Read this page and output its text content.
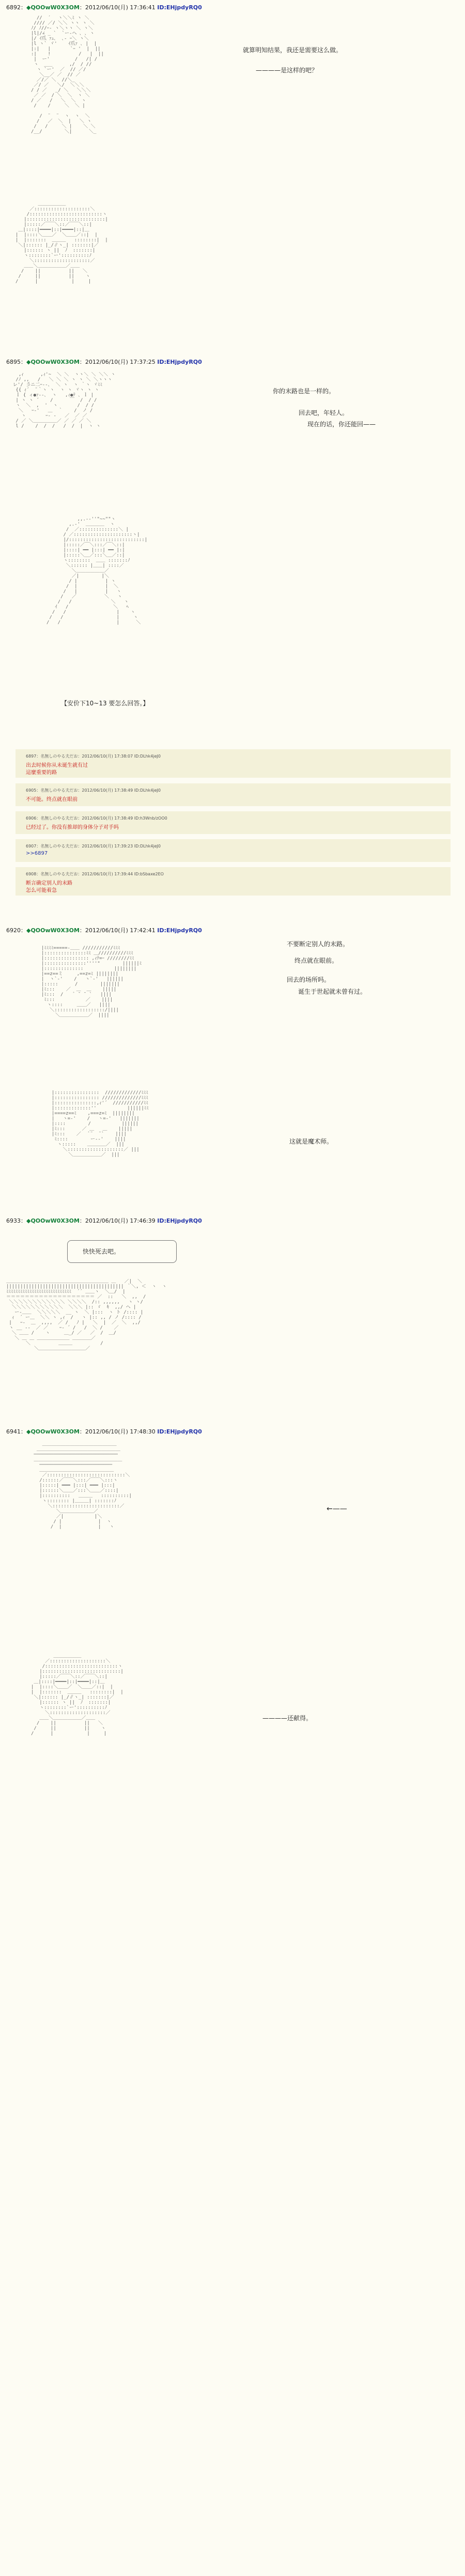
6892：◆QOOwW0X3OM：2012/06/10(月) 17:36:41 ID:EHjpdyRQ0
//  ´ ￣ヽ＼＼ﾐ ヽ ＼
//// ／/ ＼＼ ヽヽ ヽ ＼
ﾉ/ ﾉ//ｰ- ヽ＼ヽヽ ＼ ヽ＼
|l|/∠ _ `  `ー-ヘ ､ ､ ヽ
|/ ｲ爪 ｧｭ､  ､- ｰ＼ ヽ＼
|l ヽ` ヾ'    ｲ爪ｧ ､ |  |
|:|   |       `ｰ '  |  ||
:|    !          /   |  ||
|  ー'         /   /| /
ヽ  ___      ,/  / //
ヽ `ー'  ／  // ／/
＼__／ ／  // ／
／/／ ＼  //＼_
／/ ／   ＼/  ＼＼＼
/ / ／   _/ ＼   ＼＼＼
／ ／  / ＼  ＼  ヽ ＼
/ ／   /   ＼  ＼  ヽ
/    /     ＼  ＼ |

/  ¨  ¨  ヽ  ヽ  ＼
/   ／  ＼  |   ＼ ヽ
/   /     ＼ |    ＼ ＼
/__/        ＼|      ＼_
就算明知结果，我还是需要这么做。
————是这样的吧？
＿＿＿＿＿＿
／::::::::::::::::::::＼
/::::::::::::::::::::::::::ヽ
|::::::::::::::::::::::::::::|
|:::::／￣￣＼::／￣￣＼::|
＿|::::|━━━━|::|━━━━|::|＿
|  |::::＼＿＿／  ＼＿＿／::|  |
|  |:::::::  ＿＿＿   ::::::::|  |
＼|:::::: |_/∥ヽ_| :::::::|／
|:::::: ヽ ||  ﾉ  :::::::|
ヽ::::::::`ー'::::::::::ﾉ
＼::::::::::::::::::::／
＿＿＼＿＿＿＿＿＿／＿＿
/    ||          ||   ＼
/     ||          ||    ヽ
/      |            |     |
6895：◆QOOwW0X3OM：2012/06/10(月) 17:37:25 ID:EHjpdyRQ0
,ｨ      ,ｨ'~  ＼ ＼  ヽヽ＼ ＼ ＼＼ ヽ
/ﾉ ,,   /   ＼ ＼ ＼ ヽ ヽ ＼ ＼ヽヽヽ
レ'/ 彡ニ二ｰ--､  ＼ ヽ  ヽ ｀ヽ ヾﾐﾐ
{{ ｨ´  ̄ ｀ヽ ヽ  ヽ ヽ ヾヽ ヽ ヽ
ｌ { ィ●ｧ‐-､  ヽ   ,ｨ●ﾃ ､ ｌ |
| ヽ ヽ ´    /      ￣  /  / /
ヽ  ＼  ,  '  ヽ       /  / /
＼   ｰ-'   ＿  ｀    /  ノ /
ヽ       ｰ- ‐   ／  ／ ／
/ ／ ＼＿＿＿＿＿／ ／ ／ ／ ＼
l /    /  /  /   /  /  |  ヽ ヽ
你的末路也是一样的。
回去吧，年轻人。
现在的话，你还能回——
,,.-‐''"~~""ヽ
,.-'  ＿＿＿＿  ヽ
/  ／::::::::::::::＼ |
/ ／:::::::::::::::::::::ヽ|
|/:::::::::::::::::::::::::::|
|:::::／￣＼:::／￣＼::|
|::::| ━━ |:::| ━━ |:|
|:::::＼＿／:::＼＿／::|
ヽ::::::::  ＿＿ :::::::ﾉ
＼:::::: |＿＿| ::::／
＼＿＿＿＿＿＿／
／|        |＼
/ |          | ヽ
/  |          |  ＼
/   |          |   ヽ
/   ／          ＼   ヽ
/   /              ＼   ヽ
ｲ   /                ＼   ﾍ
/   /                  |    ヽ
/   /                   |     ヽ
/   /                    |      ＼
【安价下10~13 要怎么回答。】
6897：名無しのやる夫だお：2012/06/10(月) 17:38:07 ID:DLhk4jeJ0
出去时候你从未诞生就有过
這麼重要的路
6905：名無しのやる夫だお：2012/06/10(月) 17:38:49 ID:DLhk4jeJ0
不可能。终点就在眼前
6906：名無しのやる夫だお：2012/06/10(月) 17:38:49 ID:h3Wnb/zOO0
已经过了。你没有推却的身体分子对手吗
6907：名無しのやる夫だお：2012/06/10(月) 17:39:23 ID:DLhk4jeJ0
>>6897
6908：名無しのやる夫だお：2012/06/10(月) 17:39:44 ID:bSbaxe2EO
断言确定别人的末路
怎么可能着急
6920：◆QOOwW0X3OM：2012/06/10(月) 17:42:41 ID:EHjpdyRQ0
|ﾐﾐﾐﾐ=====-＿＿ ///////////ﾐﾐﾐ
|:::::::::::::::ﾐﾐ ＿//////////ﾐﾐﾐ
|:::::::::::::::: ,ｨﾃ=ｰ ////////ﾐﾐ
|:::::::::::::::''''"        ||||||ﾐ
|::::::::::::::           ||||||||
|==z==ミ     ,==z=ﾐ ||||||||
|  ヽ`-'    /   ヽ`-'   ||||||
|:::::      /        |||||||
|ﾐ:::    ／  ＿  ＿    |||||
|ﾐ:::  /    ﾞ ¯ ¯ `   ||||
ﾐ:::           ／    ||||
ヽ::::     ＿＿／   ||||
＼::::::::::::::::::/||||
＼＿＿＿＿＿＿／  ||||
不要断定别人的末路。
终点就在眼前。
回去的场所吗。
诞生于世起就未曾有过。
|::::::::::::::::  /////////////ﾐﾐﾐ
|:::::::::::::::: //////////////ﾐﾐﾐ
|:::::::::::::::,ｨ'´  ///////////ﾐﾐ
|:::::::::::::''           ||||||ﾐﾐ
|====z==ﾐ    ,===z=ﾐ  ||||||||
|   ヽ=-'    /   ヽ=-'   |||||||
|::::        /           ||||||
|ﾐ:::      ／ ＿   ＿    |||||
|ﾐ:::    ／   ﾞ¨  ¨`    ||||
ﾐ::::        ー‐‐'    ||||
ヽ:::::    ＿＿＿＿／  |||
＼::::::::::::::::::::／ |||
＼＿＿＿＿＿＿／  |||
这就是魔术师。
6933：◆QOOwW0X3OM：2012/06/10(月) 17:46:39 ID:EHjpdyRQ0
快快死去吧。
＿＿＿＿＿＿＿＿＿＿＿＿＿＿＿＿＿＿＿＿＿＿ ＿   ／|  ＼
|||||||||||||||||||||||||||||||||||||||||| ｀＼, ＜  ヽ  ヽ
ﾐﾐﾐﾐﾐﾐﾐﾐﾐﾐﾐﾐﾐﾐﾐﾐﾐﾐﾐﾐﾐﾐﾐﾐﾐﾐﾐﾐ  ´´ ＿＿ヽ  ＼＿/  |
＝＝＝＝＝＝＝＝＝＝＝＝＝＝＝＝＝＝＝ ／  ::   ＼  ,,  /
＼＼＼＼＼＼＼＼＼＼＼＼ ＼＼＼＼  /:: ,,,,,,   ヽ ヽ/
＼＼＼＼＼＼＼＼＼＼＼  ＼＼＼ |:: ゞ  ｷ  ,,/ ヘ |
ー-＿＿  ＼＼＼＼＼  __ ヽ  ＼ |:::  ヽ ト /:::: |
ｨ  ´ ー＿  ＼＼ ヽ ,ｨ  /   ヽ |:: ,, / ノ /:::: /
|   ｰ-  ＿  ,,,,  ／ /   ﾉ |   ＼  |  ／  ＼  ,,/
ヽ __ --  ／ ／    ｰ‐ ´ /   /  ＼ /    ／
＼ ＿＿ /    ヽ     ＿_/ ／   ／  /  ＿/
＼ ＿ ＿ ＿＿＿＿＿＿＿ ＿＿＿＿／
＼          ＿＿＿          /
＼＿＿＿＿＿＿＿＿＿＿／
6941：◆QOOwW0X3OM：2012/06/10(月) 17:48:30 ID:EHjpdyRQ0
＿＿＿＿＿＿＿＿＿＿＿＿＿＿＿＿
＿＿＿＿＿＿＿＿＿＿＿＿＿＿＿＿＿＿
──────────────────────────────
＿＿＿＿＿＿＿＿＿＿＿＿＿＿＿＿＿＿＿
──────────────────────────
＿＿＿＿＿＿＿＿＿＿＿＿＿＿＿＿
／::::::::::::::::::::::::::::＼
/::::::／￣￣＼:::／￣￣＼:::ヽ
|:::::| ━━━ |:::| ━━━ |:::|
|::::::＼＿＿／:::＼＿＿／::::|
|::::::::::   ＿＿＿   ::::::::::|
ヽ:::::::: |＿＿＿| :::::::ﾉ
＼::::::::::::::::::::::::／
＼＿＿＿＿＿＿＿／
／|           |＼
/ |             |  ヽ
/  |             |   ヽ
←——
＿＿＿＿＿＿
／::::::::::::::::::::＼
/::::::::::::::::::::::::::ヽ
|::::::::::::::::::::::::::::|
|:::::／￣￣＼::／￣￣＼::|
＿|::::|━━━━|::|━━━━|::|＿
|  |::::＼＿＿／  ＼＿＿／::|  |
|  |:::::::  ＿＿＿   ::::::::|  |
＼|:::::: |_/∥ヽ_| :::::::|／
|:::::: ヽ ||  ﾉ  :::::::|
ヽ::::::::`ー'::::::::::ﾉ
＼::::::::::::::::::::／
＿＿＼＿＿＿＿＿＿／＿＿
/    ||          ||   ＼
/     ||          ||    ヽ
/      |            |     |
————还献得。
